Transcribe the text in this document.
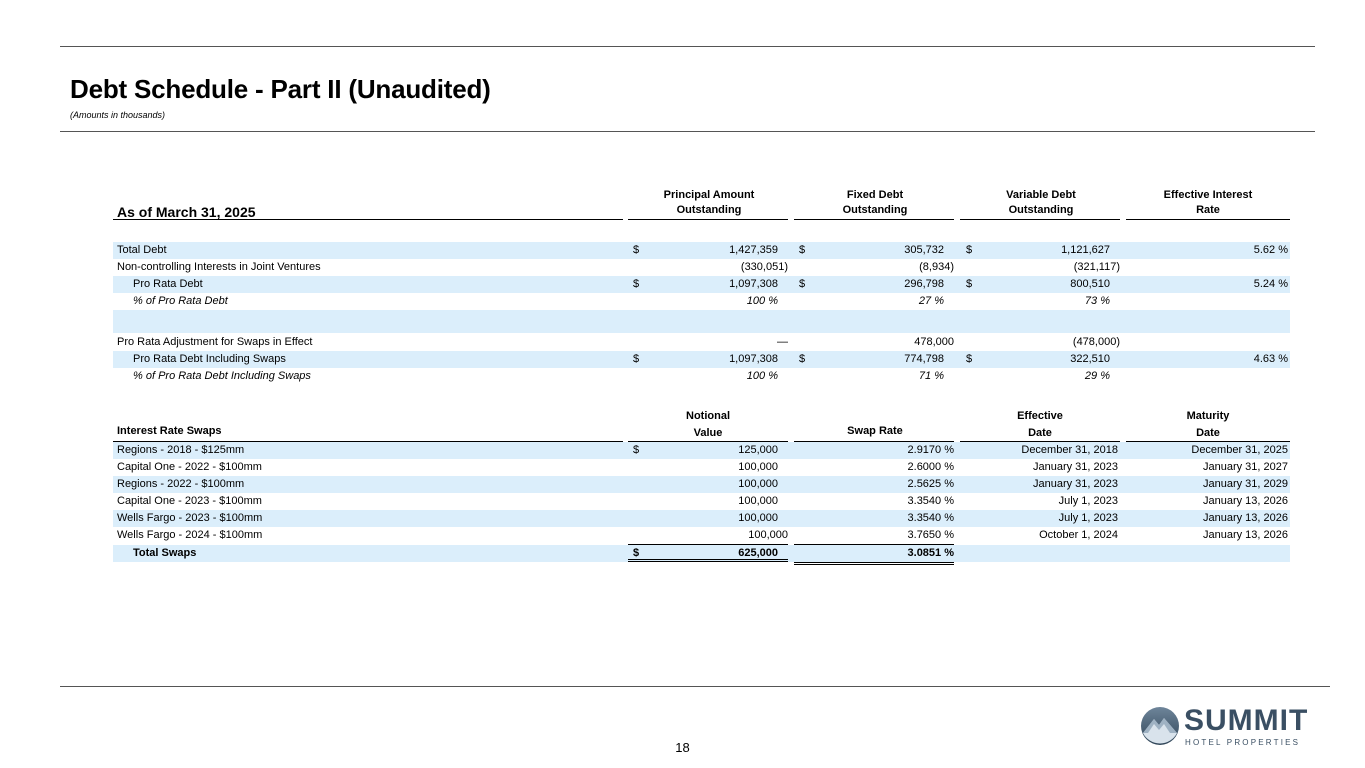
Debt Schedule - Part II (Unaudited)
(Amounts in thousands)
Principal Amount
Outstanding
Fixed Debt
Outstanding
Variable Debt
Outstanding
Effective Interest
Rate
As of March 31, 2025
Total Debt	$	1,427,359 $	305,732 $	1,121,627	5.62 %
Non-controlling Interests in Joint Ventures	(330,051)	(8,934)	(321,117)
Pro Rata Debt	$	1,097,308 $	296,798 $	800,510	5.24 %
% of Pro Rata Debt	100 %	27 %	73 %
Pro Rata Adjustment for Swaps in Effect	—	478,000	(478,000)
Pro Rata Debt Including Swaps	$	1,097,308 $	774,798 $	322,510	4.63 %
% of Pro Rata Debt Including Swaps	100 %	71 %	29 %
Interest Rate Swaps
Notional
Value	Swap Rate
Effective
Date
Maturity
Date
Regions - 2018 - $125mm	$	125,000	2.9170 %	December 31, 2018	December 31, 2025
Capital One - 2022 - $100mm	100,000	2.6000 %	January 31, 2023	January 31, 2027
Regions - 2022 - $100mm	100,000	2.5625 %	January 31, 2023	January 31, 2029
Capital One - 2023 - $100mm	100,000	3.3540 %	July 1, 2023	January 13, 2026
Wells Fargo - 2023 - $100mm	100,000	3.3540 %	July 1, 2023	January 13, 2026
Wells Fargo - 2024 - $100mm	100,000	3.7650 %	October 1, 2024	January 13, 2026
Total Swaps	$	625,000	3.0851 %
18
SUMMIT
HOTEL PROPERTIES
